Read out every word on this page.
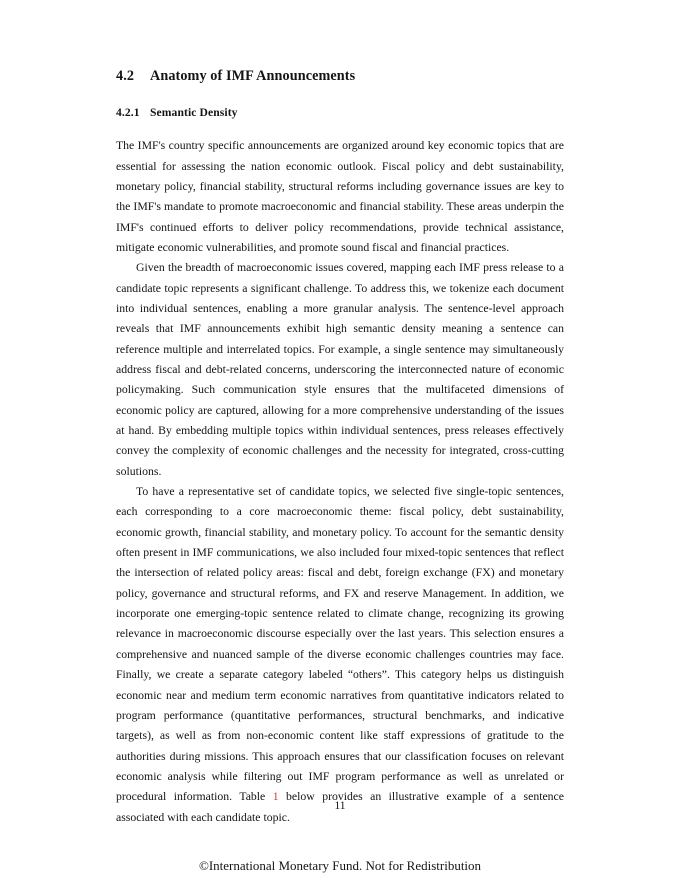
4.2 Anatomy of IMF Announcements
4.2.1 Semantic Density

The IMF's country specific announcements are organized around key economic topics that are essential for assessing the nation economic outlook. Fiscal policy and debt sustainability, monetary policy, financial stability, structural reforms including governance issues are key to the IMF's mandate to promote macroeconomic and financial stability. These areas underpin the IMF's continued efforts to deliver policy recommendations, provide technical assistance, mitigate economic vulnerabilities, and promote sound fiscal and financial practices.

Given the breadth of macroeconomic issues covered, mapping each IMF press release to a candidate topic represents a significant challenge. To address this, we tokenize each document into individual sentences, enabling a more granular analysis. The sentence-level approach reveals that IMF announcements exhibit high semantic density meaning a sentence can reference multiple and interrelated topics. For example, a single sentence may simultaneously address fiscal and debt-related concerns, underscoring the interconnected nature of economic policymaking. Such communication style ensures that the multifaceted dimensions of economic policy are captured, allowing for a more comprehensive understanding of the issues at hand. By embedding multiple topics within individual sentences, press releases effectively convey the complexity of economic challenges and the necessity for integrated, cross-cutting solutions.

To have a representative set of candidate topics, we selected five single-topic sentences, each corresponding to a core macroeconomic theme: fiscal policy, debt sustainability, economic growth, financial stability, and monetary policy. To account for the semantic density often present in IMF communications, we also included four mixed-topic sentences that reflect the intersection of related policy areas: fiscal and debt, foreign exchange (FX) and monetary policy, governance and structural reforms, and FX and reserve Management. In addition, we incorporate one emerging-topic sentence related to climate change, recognizing its growing relevance in macroeconomic discourse especially over the last years. This selection ensures a comprehensive and nuanced sample of the diverse economic challenges countries may face. Finally, we create a separate category labeled “others”. This category helps us distinguish economic near and medium term economic narratives from quantitative indicators related to program performance (quantitative performances, structural benchmarks, and indicative targets), as well as from non-economic content like staff expressions of gratitude to the authorities during missions. This approach ensures that our classification focuses on relevant economic analysis while filtering out IMF program performance as well as unrelated or procedural information. Table 1 below provides an illustrative example of a sentence associated with each candidate topic.

11
©International Monetary Fund. Not for Redistribution
